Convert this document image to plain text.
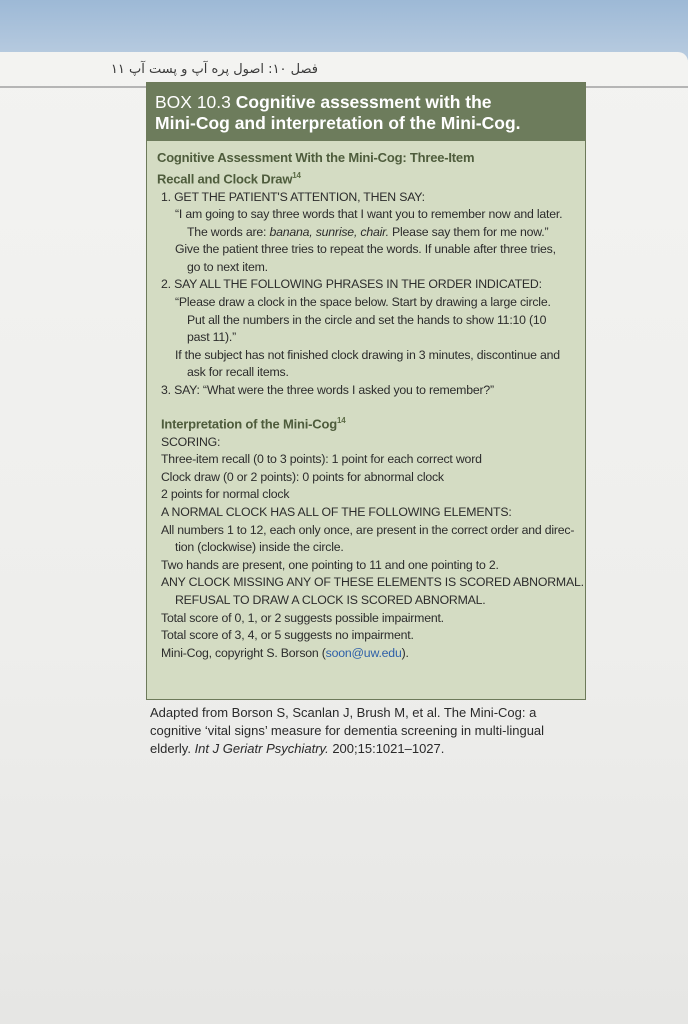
فصل ۱۰: اصول پره آپ و پست آپ ۱۱
BOX 10.3 Cognitive assessment with the
Mini-Cog and interpretation of the Mini-Cog.
Cognitive Assessment With the Mini-Cog: Three-Item
Recall and Clock Draw$^{14}$
1. GET THE PATIENT'S ATTENTION, THEN SAY:
“I am going to say three words that I want you to remember now and later.
The words are: banana, sunrise, chair. Please say them for me now.”
Give the patient three tries to repeat the words. If unable after three tries,
go to next item.
2. SAY ALL THE FOLLOWING PHRASES IN THE ORDER INDICATED:
“Please draw a clock in the space below. Start by drawing a large circle.
Put all the numbers in the circle and set the hands to show 11:10 (10
past 11).”
If the subject has not finished clock drawing in 3 minutes, discontinue and
ask for recall items.
3. SAY: “What were the three words I asked you to remember?”
Interpretation of the Mini-Cog$^{14}$
SCORING:
Three-item recall (0 to 3 points): 1 point for each correct word
Clock draw (0 or 2 points): 0 points for abnormal clock
2 points for normal clock
A NORMAL CLOCK HAS ALL OF THE FOLLOWING ELEMENTS:
All numbers 1 to 12, each only once, are present in the correct order and direc-
tion (clockwise) inside the circle.
Two hands are present, one pointing to 11 and one pointing to 2.
ANY CLOCK MISSING ANY OF THESE ELEMENTS IS SCORED ABNORMAL.
REFUSAL TO DRAW A CLOCK IS SCORED ABNORMAL.
Total score of 0, 1, or 2 suggests possible impairment.
Total score of 3, 4, or 5 suggests no impairment.
Mini-Cog, copyright S. Borson (soon@uw.edu).
Adapted from Borson S, Scanlan J, Brush M, et al. The Mini-Cog: a
cognitive ‘vital signs’ measure for dementia screening in multi-lingual
elderly. Int J Geriatr Psychiatry. 200;15:1021–1027.
